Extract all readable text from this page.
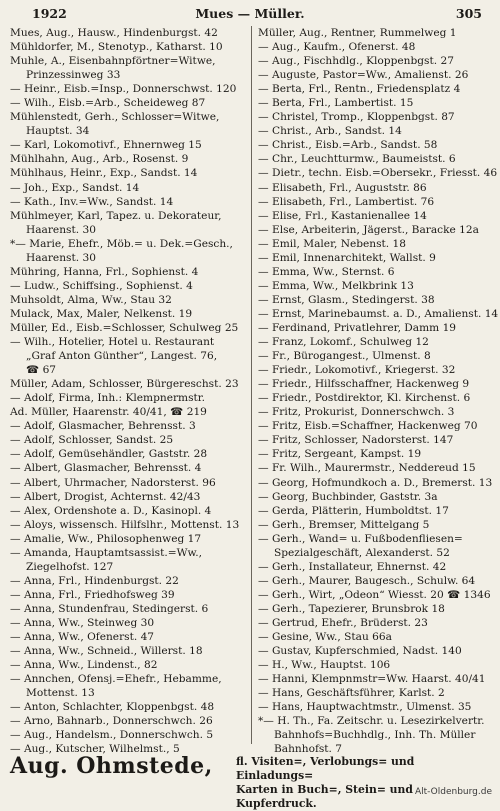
1922	Mues — Müller.	305
Mues, Aug., Hausw., Hindenburgst. 42
Mühldorfer, M., Stenotyp., Katharst. 10
Muhle, A., Eisenbahnpförtner=Witwe,
Prinzessinweg 33
— Heinr., Eisb.=Insp., Donnerschwst. 120
— Wilh., Eisb.=Arb., Scheideweg 87
Mühlenstedt, Gerh., Schlosser=Witwe,
Hauptst. 34
— Karl, Lokomotivf., Ehnernweg 15
Mühlhahn, Aug., Arb., Rosenst. 9
Mühlhaus, Heinr., Exp., Sandst. 14
— Joh., Exp., Sandst. 14
— Kath., Inv.=Ww., Sandst. 14
Mühlmeyer, Karl, Tapez. u. Dekorateur,
Haarenst. 30
*— Marie, Ehefr., Möb.= u. Dek.=Gesch.,
Haarenst. 30
Mühring, Hanna, Frl., Sophienst. 4
— Ludw., Schiffsing., Sophienst. 4
Muhsoldt, Alma, Ww., Stau 32
Mulack, Max, Maler, Nelkenst. 19
Müller, Ed., Eisb.=Schlosser, Schulweg 25
— Wilh., Hotelier, Hotel u. Restaurant
„Graf Anton Günther“, Langest. 76,
☎ 67
Müller, Adam, Schlosser, Bürgereschst. 23
— Adolf, Firma, Inh.: Klempnermstr.
Ad. Müller, Haarenstr. 40/41, ☎ 219
— Adolf, Glasmacher, Behrensst. 3
— Adolf, Schlosser, Sandst. 25
— Adolf, Gemüsehändler, Gaststr. 28
— Albert, Glasmacher, Behrensst. 4
— Albert, Uhrmacher, Nadorsterst. 96
— Albert, Drogist, Achternst. 42/43
— Alex, Ordenshote a. D., Kasinopl. 4
— Aloys, wissensch. Hilfslhr., Mottenst. 13
— Amalie, Ww., Philosophenweg 17
— Amanda, Hauptamtsassist.=Ww.,
Ziegelhofst. 127
— Anna, Frl., Hindenburgst. 22
— Anna, Frl., Friedhofsweg 39
— Anna, Stundenfrau, Stedingerst. 6
— Anna, Ww., Steinweg 30
— Anna, Ww., Ofenerst. 47
— Anna, Ww., Schneid., Willerst. 18
— Anna, Ww., Lindenst., 82
— Annchen, Ofensj.=Ehefr., Hebamme,
Mottenst. 13
— Anton, Schlachter, Kloppenbgst. 48
— Arno, Bahnarb., Donnerschwch. 26
— Aug., Handelsm., Donnerschwch. 5
— Aug., Kutscher, Wilhelmst., 5
Müller, Aug., Rentner, Rummelweg 1
— Aug., Kaufm., Ofenerst. 48
— Aug., Fischhdlg., Kloppenbgst. 27
— Auguste, Pastor=Ww., Amalienst. 26
— Berta, Frl., Rentn., Friedensplatz 4
— Berta, Frl., Lambertist. 15
— Christel, Tromp., Kloppenbgst. 87
— Christ., Arb., Sandst. 14
— Christ., Eisb.=Arb., Sandst. 58
— Chr., Leuchtturmw., Baumeistst. 6
— Dietr., techn. Eisb.=Obersekr., Friesst. 46
— Elisabeth, Frl., Auguststr. 86
— Elisabeth, Frl., Lambertist. 76
— Elise, Frl., Kastanienallee 14
— Else, Arbeiterin, Jägerst., Baracke 12a
— Emil, Maler, Nebenst. 18
— Emil, Innenarchitekt, Wallst. 9
— Emma, Ww., Sternst. 6
— Emma, Ww., Melkbrink 13
— Ernst, Glasm., Stedingerst. 38
— Ernst, Marinebaumst. a. D., Amalienst. 14
— Ferdinand, Privatlehrer, Damm 19
— Franz, Lokomf., Schulweg 12
— Fr., Bürogangest., Ulmenst. 8
— Friedr., Lokomotivf., Kriegerst. 32
— Friedr., Hilfsschaffner, Hackenweg 9
— Friedr., Postdirektor, Kl. Kirchenst. 6
— Fritz, Prokurist, Donnerschwch. 3
— Fritz, Eisb.=Schaffner, Hackenweg 70
— Fritz, Schlosser, Nadorsterst. 147
— Fritz, Sergeant, Kampst. 19
— Fr. Wilh., Maurermstr., Neddereud 15
— Georg, Hofmundkoch a. D., Bremerst. 13
— Georg, Buchbinder, Gaststr. 3a
— Gerda, Plätterin, Humboldtst. 17
— Gerh., Bremser, Mittelgang 5
— Gerh., Wand= u. Fußbodenfliesen=
Spezialgeschäft, Alexanderst. 52
— Gerh., Installateur, Ehnernst. 42
— Gerh., Maurer, Baugesch., Schulw. 64
— Gerh., Wirt, „Odeon“ Wiesst. 20 ☎ 1346
— Gerh., Tapezierer, Brunsbrok 18
— Gertrud, Ehefr., Brüderst. 23
— Gesine, Ww., Stau 66a
— Gustav, Kupferschmied, Nadst. 140
— H., Ww., Hauptst. 106
— Hanni, Klempnmstr=Ww. Haarst. 40/41
— Hans, Geschäftsführer, Karlst. 2
— Hans, Hauptwachtmstr., Ulmenst. 35
*— H. Th., Fa. Zeitschr. u. Lesezirkelvertr.
Bahnhofs=Buchhdlg., Inh. Th. Müller
Bahnhofst. 7
Aug. Ohmstede, fl. Visiten=, Verlobungs= und Einladungs=
Karten in Buch=, Stein= und Kupferdruck.
Alt-Oldenburg.de
